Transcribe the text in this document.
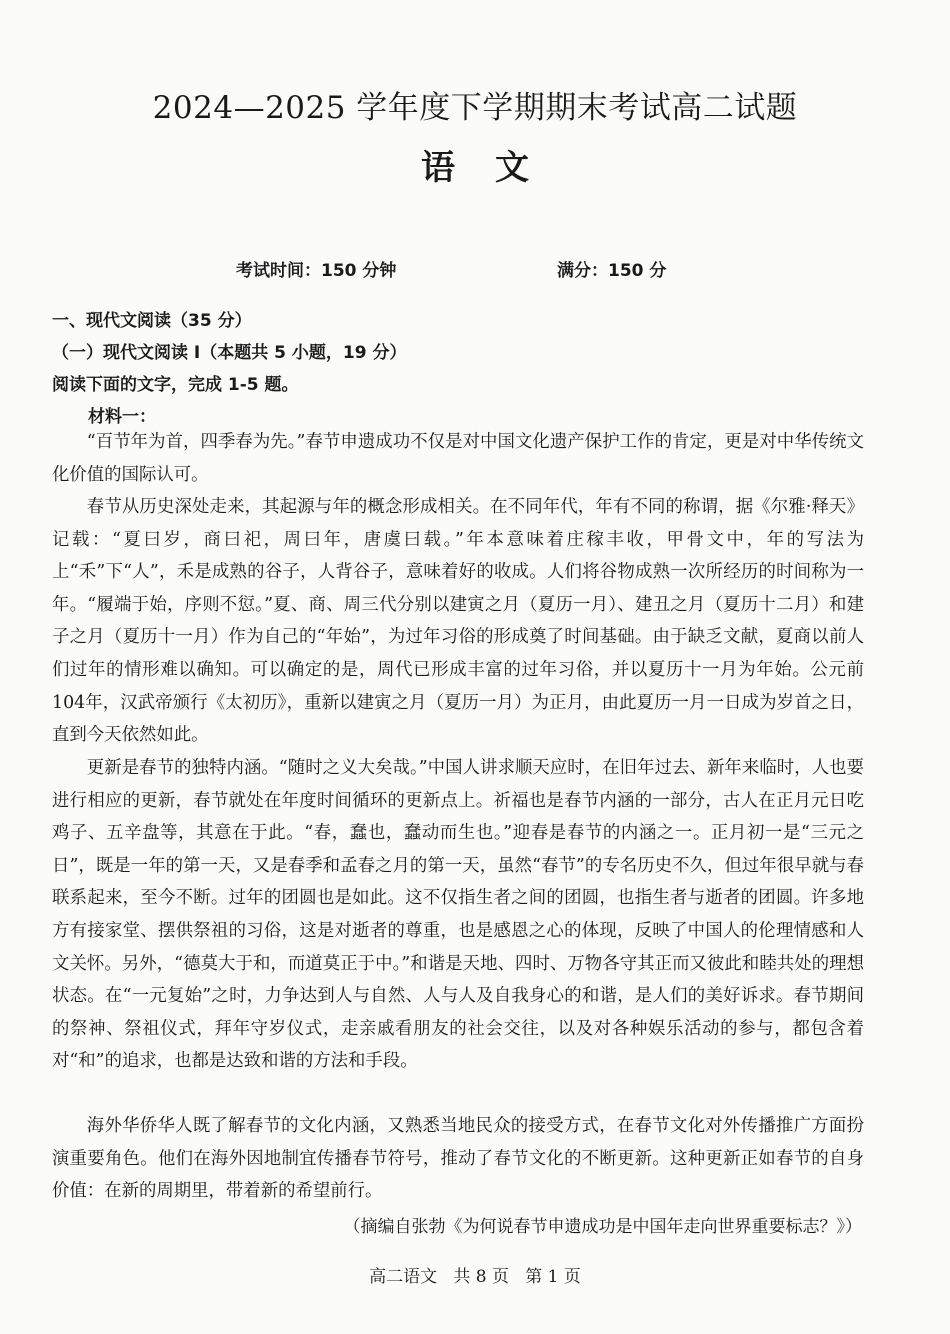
2024—2025 学年度下学期期末考试高二试题
语文
考试时间：150 分钟	满分：150 分
一、现代文阅读（35 分）
（一）现代文阅读 I（本题共 5 小题，19 分）
阅读下面的文字，完成 1-5 题。
材料一：

“百节年为首，四季春为先。”春节申遗成功不仅是对中国文化遗产保护工作的肯定，更是对中华传统文化价值的国际认可。

春节从历史深处走来，其起源与年的概念形成相关。在不同年代，年有不同的称谓，据《尔雅·释天》记载：“夏曰岁，商曰祀，周曰年，唐虞曰载。”年本意味着庄稼丰收，甲骨文中，年的写法为上“禾”下“人”，禾是成熟的谷子，人背谷子，意味着好的收成。人们将谷物成熟一次所经历的时间称为一年。“履端于始，序则不愆。”夏、商、周三代分别以建寅之月（夏历一月）、建丑之月（夏历十二月）和建子之月（夏历十一月）作为自己的“年始”，为过年习俗的形成奠了时间基础。由于缺乏文献，夏商以前人们过年的情形难以确知。可以确定的是，周代已形成丰富的过年习俗，并以夏历十一月为年始。公元前104年，汉武帝颁行《太初历》，重新以建寅之月（夏历一月）为正月，由此夏历一月一日成为岁首之日，直到今天依然如此。

更新是春节的独特内涵。“随时之义大矣哉。”中国人讲求顺天应时，在旧年过去、新年来临时，人也要进行相应的更新，春节就处在年度时间循环的更新点上。祈福也是春节内涵的一部分，古人在正月元日吃鸡子、五辛盘等，其意在于此。“春，蠢也，蠢动而生也。”迎春是春节的内涵之一。正月初一是“三元之日”，既是一年的第一天，又是春季和孟春之月的第一天，虽然“春节”的专名历史不久，但过年很早就与春联系起来，至今不断。过年的团圆也是如此。这不仅指生者之间的团圆，也指生者与逝者的团圆。许多地方有接家堂、摆供祭祖的习俗，这是对逝者的尊重，也是感恩之心的体现，反映了中国人的伦理情感和人文关怀。另外，“德莫大于和，而道莫正于中。”和谐是天地、四时、万物各守其正而又彼此和睦共处的理想状态。在“一元复始”之时，力争达到人与自然、人与人及自我身心的和谐，是人们的美好诉求。春节期间的祭神、祭祖仪式，拜年守岁仪式，走亲戚看朋友的社会交往，以及对各种娱乐活动的参与，都包含着对“和”的追求，也都是达致和谐的方法和手段。

海外华侨华人既了解春节的文化内涵，又熟悉当地民众的接受方式，在春节文化对外传播推广方面扮演重要角色。他们在海外因地制宜传播春节符号，推动了春节文化的不断更新。这种更新正如春节的自身价值：在新的周期里，带着新的希望前行。

（摘编自张勃《为何说春节申遗成功是中国年走向世界重要标志？》）
高二语文   共 8 页   第 1 页
